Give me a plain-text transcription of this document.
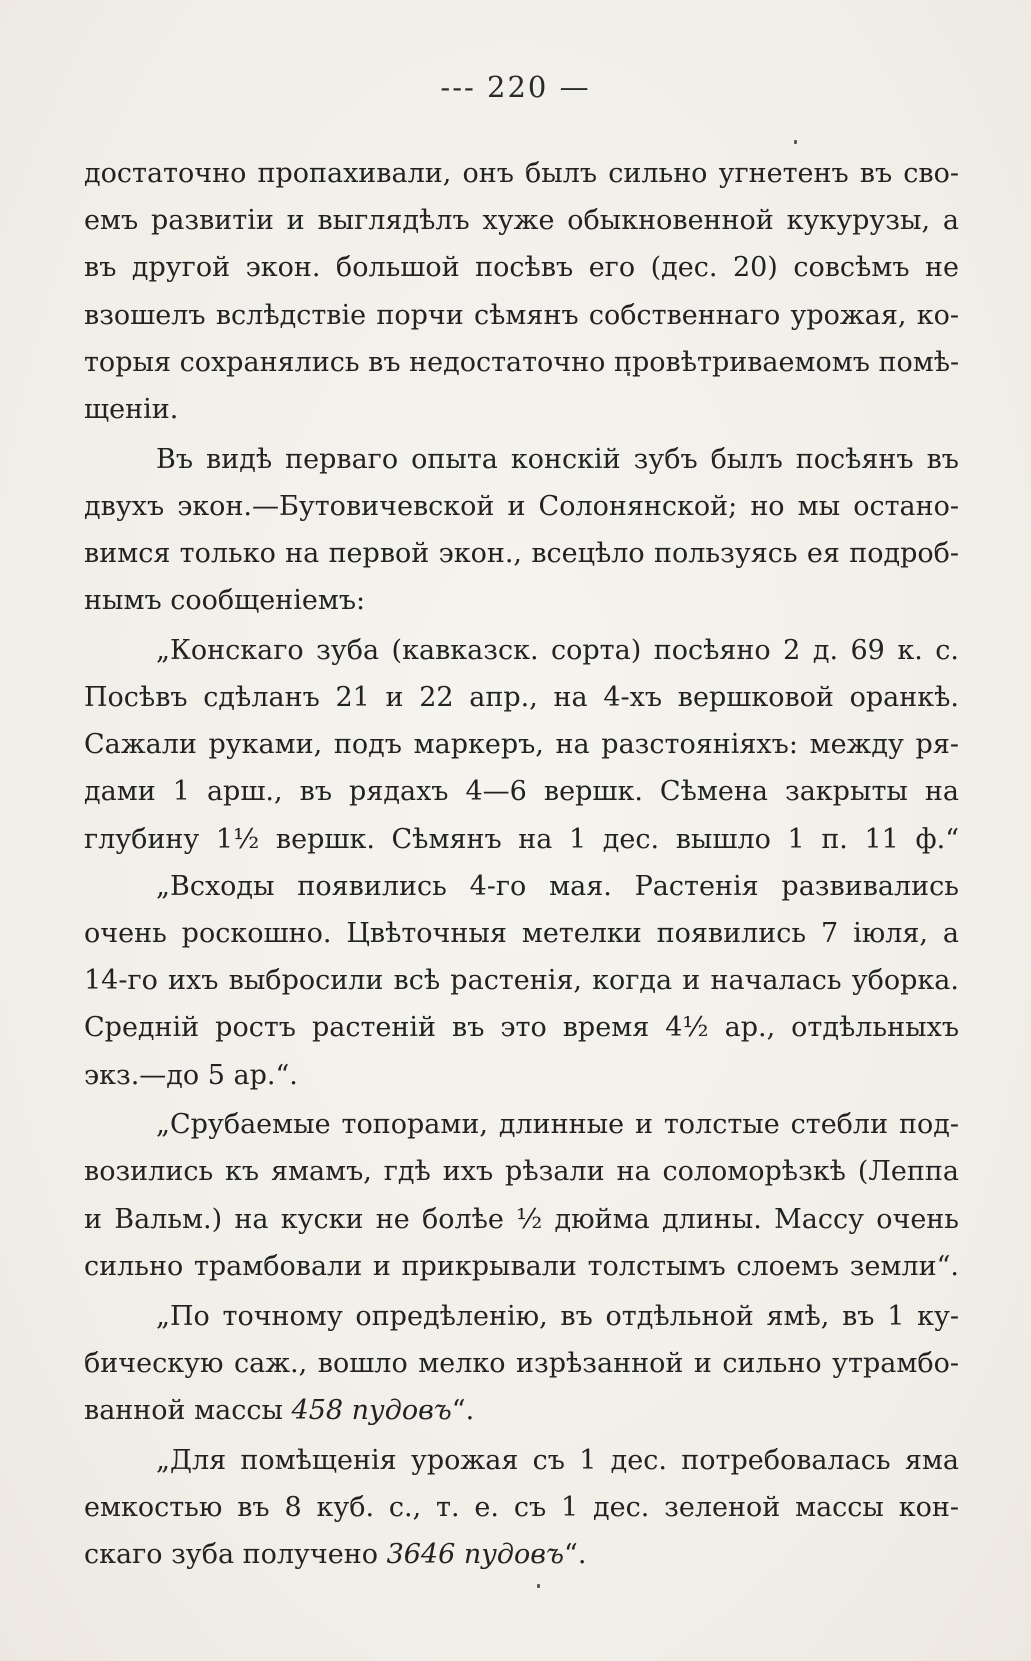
--- 220 —
достаточно пропахивали, онъ былъ сильно угнетенъ въ сво-
емъ развитіи и выглядѣлъ хуже обыкновенной кукурузы, а
въ другой экон. большой посѣвъ его (дес. 20) совсѣмъ не
взошелъ вслѣдствіе порчи сѣмянъ собственнаго урожая, ко-
торыя сохранялись въ недостаточно провѣтриваемомъ помѣ-
щеніи.
Въ видѣ перваго опыта конскій зубъ былъ посѣянъ въ
двухъ экон.—Бутовичевской и Солонянской; но мы остано-
вимся только на первой экон., всецѣло пользуясь ея подроб-
нымъ сообщеніемъ:
„Конскаго зуба (кавказск. сорта) посѣяно 2 д. 69 к. с.
Посѣвъ сдѣланъ 21 и 22 апр., на 4-хъ вершковой оранкѣ.
Сажали руками, подъ маркеръ, на разстояніяхъ: между ря-
дами 1 арш., въ рядахъ 4—6 вершк. Сѣмена закрыты на
глубину 1½ вершк. Сѣмянъ на 1 дес. вышло 1 п. 11 ф.“
„Всходы появились 4-го мая. Растенія развивались
очень роскошно. Цвѣточныя метелки появились 7 іюля, а
14-го ихъ выбросили всѣ растенія, когда и началась уборка.
Средній ростъ растеній въ это время 4½ ар., отдѣльныхъ
экз.—до 5 ар.“.
„Срубаемые топорами, длинные и толстые стебли под-
возились къ ямамъ, гдѣ ихъ рѣзали на соломорѣзкѣ (Леппа
и Вальм.) на куски не болѣе ½ дюйма длины. Массу очень
сильно трамбовали и прикрывали толстымъ слоемъ земли“.
„По точному опредѣленію, въ отдѣльной ямѣ, въ 1 ку-
бическую саж., вошло мелко изрѣзанной и сильно утрамбо-
ванной массы 458 пудовъ“.
„Для помѣщенія урожая съ 1 дес. потребовалась яма
емкостью въ 8 куб. с., т. е. съ 1 дес. зеленой массы кон-
скаго зуба получено 3646 пудовъ“.
